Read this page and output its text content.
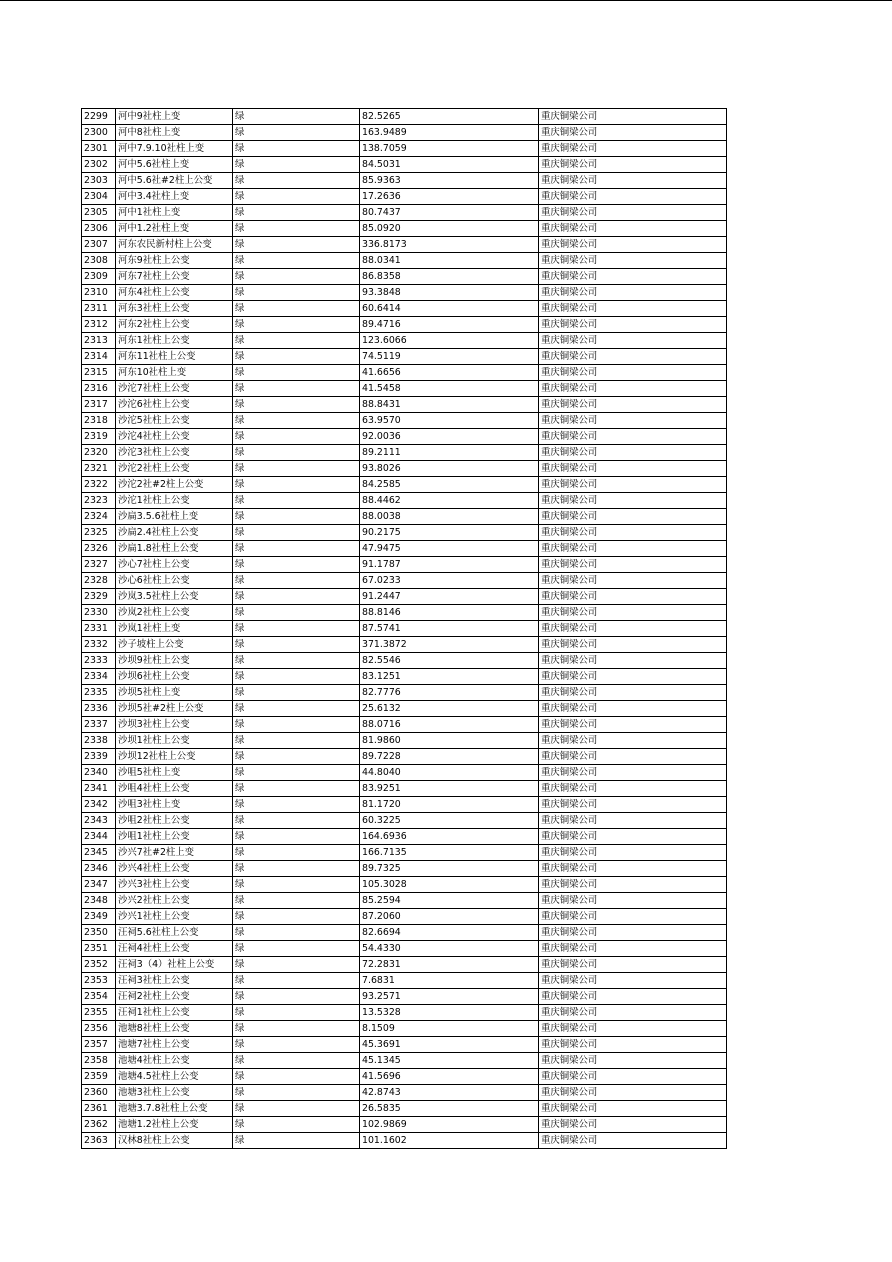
2299	河中9社柱上变	绿	82.5265	重庆铜梁公司
2300	河中8社柱上变	绿	163.9489	重庆铜梁公司
2301	河中7.9.10社柱上变	绿	138.7059	重庆铜梁公司
2302	河中5.6社柱上变	绿	84.5031	重庆铜梁公司
2303	河中5.6社#2柱上公变	绿	85.9363	重庆铜梁公司
2304	河中3.4社柱上变	绿	17.2636	重庆铜梁公司
2305	河中1社柱上变	绿	80.7437	重庆铜梁公司
2306	河中1.2社柱上变	绿	85.0920	重庆铜梁公司
2307	河东农民新村柱上公变	绿	336.8173	重庆铜梁公司
2308	河东9社柱上公变	绿	88.0341	重庆铜梁公司
2309	河东7社柱上公变	绿	86.8358	重庆铜梁公司
2310	河东4社柱上公变	绿	93.3848	重庆铜梁公司
2311	河东3社柱上公变	绿	60.6414	重庆铜梁公司
2312	河东2社柱上公变	绿	89.4716	重庆铜梁公司
2313	河东1社柱上公变	绿	123.6066	重庆铜梁公司
2314	河东11社柱上公变	绿	74.5119	重庆铜梁公司
2315	河东10社柱上变	绿	41.6656	重庆铜梁公司
2316	沙沱7社柱上公变	绿	41.5458	重庆铜梁公司
2317	沙沱6社柱上公变	绿	88.8431	重庆铜梁公司
2318	沙沱5社柱上公变	绿	63.9570	重庆铜梁公司
2319	沙沱4社柱上公变	绿	92.0036	重庆铜梁公司
2320	沙沱3社柱上公变	绿	89.2111	重庆铜梁公司
2321	沙沱2社柱上公变	绿	93.8026	重庆铜梁公司
2322	沙沱2社#2柱上公变	绿	84.2585	重庆铜梁公司
2323	沙沱1社柱上公变	绿	88.4462	重庆铜梁公司
2324	沙扁3.5.6社柱上变	绿	88.0038	重庆铜梁公司
2325	沙扁2.4社柱上公变	绿	90.2175	重庆铜梁公司
2326	沙扁1.8社柱上公变	绿	47.9475	重庆铜梁公司
2327	沙心7社柱上公变	绿	91.1787	重庆铜梁公司
2328	沙心6社柱上公变	绿	67.0233	重庆铜梁公司
2329	沙岚3.5社柱上公变	绿	91.2447	重庆铜梁公司
2330	沙岚2社柱上公变	绿	88.8146	重庆铜梁公司
2331	沙岚1社柱上变	绿	87.5741	重庆铜梁公司
2332	沙子坡柱上公变	绿	371.3872	重庆铜梁公司
2333	沙坝9社柱上公变	绿	82.5546	重庆铜梁公司
2334	沙坝6社柱上公变	绿	83.1251	重庆铜梁公司
2335	沙坝5社柱上变	绿	82.7776	重庆铜梁公司
2336	沙坝5社#2柱上公变	绿	25.6132	重庆铜梁公司
2337	沙坝3社柱上公变	绿	88.0716	重庆铜梁公司
2338	沙坝1社柱上公变	绿	81.9860	重庆铜梁公司
2339	沙坝12社柱上公变	绿	89.7228	重庆铜梁公司
2340	沙咀5社柱上变	绿	44.8040	重庆铜梁公司
2341	沙咀4社柱上公变	绿	83.9251	重庆铜梁公司
2342	沙咀3社柱上变	绿	81.1720	重庆铜梁公司
2343	沙咀2社柱上公变	绿	60.3225	重庆铜梁公司
2344	沙咀1社柱上公变	绿	164.6936	重庆铜梁公司
2345	沙兴7社#2柱上变	绿	166.7135	重庆铜梁公司
2346	沙兴4社柱上公变	绿	89.7325	重庆铜梁公司
2347	沙兴3社柱上公变	绿	105.3028	重庆铜梁公司
2348	沙兴2社柱上公变	绿	85.2594	重庆铜梁公司
2349	沙兴1社柱上公变	绿	87.2060	重庆铜梁公司
2350	汪祠5.6社柱上公变	绿	82.6694	重庆铜梁公司
2351	汪祠4社柱上公变	绿	54.4330	重庆铜梁公司
2352	汪祠3（4）社柱上公变	绿	72.2831	重庆铜梁公司
2353	汪祠3社柱上公变	绿	7.6831	重庆铜梁公司
2354	汪祠2社柱上公变	绿	93.2571	重庆铜梁公司
2355	汪祠1社柱上公变	绿	13.5328	重庆铜梁公司
2356	池塘8社柱上公变	绿	8.1509	重庆铜梁公司
2357	池塘7社柱上公变	绿	45.3691	重庆铜梁公司
2358	池塘4社柱上公变	绿	45.1345	重庆铜梁公司
2359	池塘4.5社柱上公变	绿	41.5696	重庆铜梁公司
2360	池塘3社柱上公变	绿	42.8743	重庆铜梁公司
2361	池塘3.7.8社柱上公变	绿	26.5835	重庆铜梁公司
2362	池塘1.2社柱上公变	绿	102.9869	重庆铜梁公司
2363	汉林8社柱上公变	绿	101.1602	重庆铜梁公司
